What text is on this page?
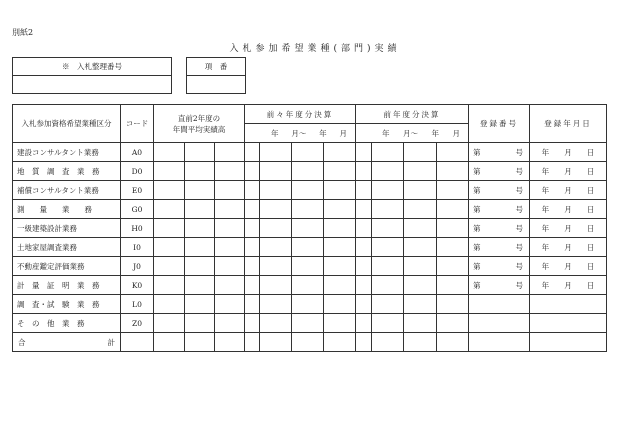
別紙2
入札参加希望業種(部門)実績
※　入札整理番号	項　番

入札参加資格希望業種区分	コード	直前2年度の
年間平均実績高			前々年度分決算				前年度分決算				登録番号	登録年月日

					年 月〜 年 月				年 月〜 年 月					

建設コンサルタント業務	A0												第 号	年 月 日

地　質　調　査　業　務	D0												第 号	年 月 日

補償コンサルタント業務	E0												第 号	年 月 日

測　　量　　業　　務	G0												第 号	年 月 日

一級建築設計業務	H0												第 号	年 月 日

土地家屋調査業務	I0												第 号	年 月 日

不動産鑑定評価業務	J0												第 号	年 月 日

計　量　証　明　業　務	K0												第 号	年 月 日

調　査・試　験　業　務	L0													
そ　の　他　業　務	Z0													

合 計														
